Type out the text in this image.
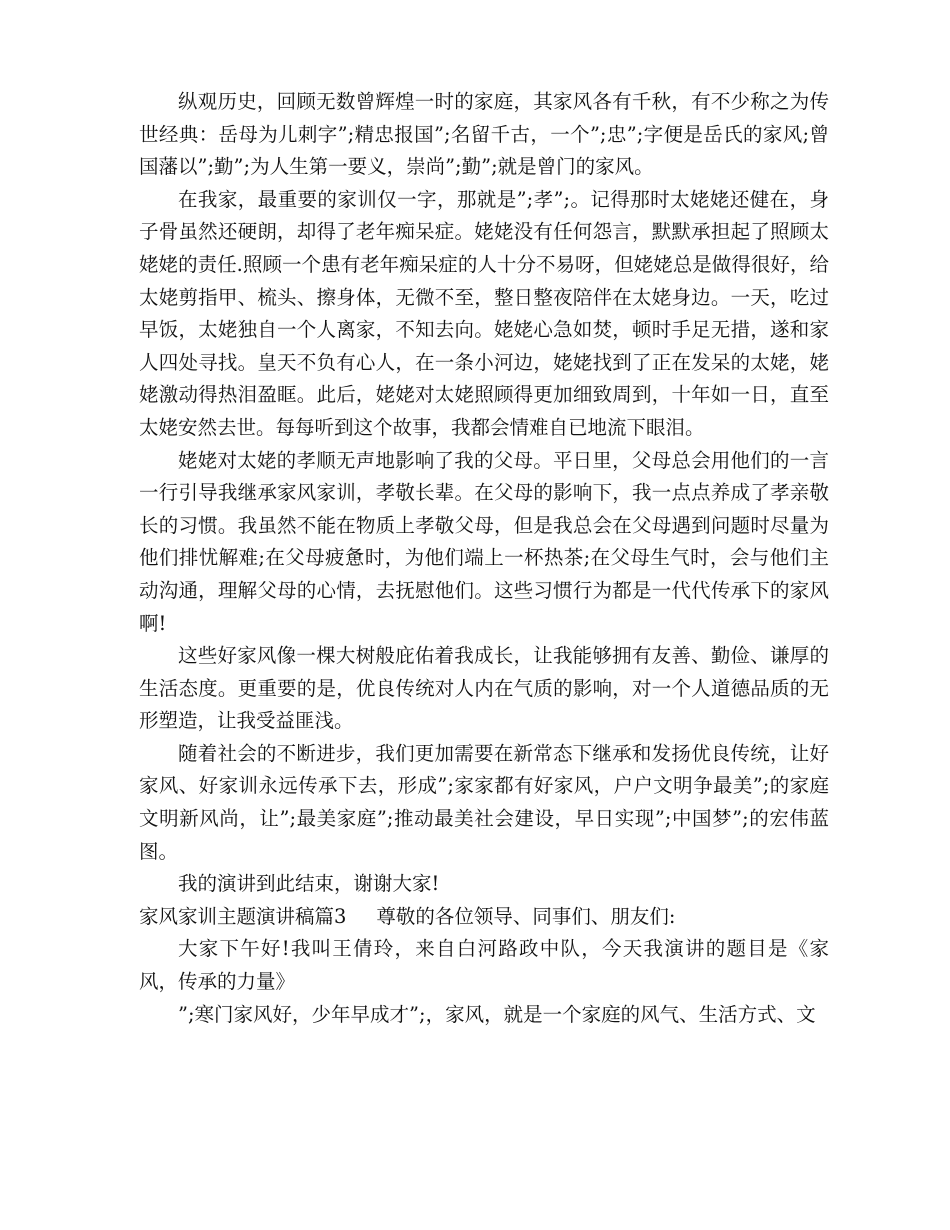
纵观历史，回顾无数曾辉煌一时的家庭，其家风各有千秋，有不少称之为传世经典：岳母为儿刺字”;精忠报国”;名留千古，一个”;忠”;字便是岳氏的家风;曾国藩以”;勤”;为人生第一要义，崇尚”;勤”;就是曾门的家风。

在我家，最重要的家训仅一字，那就是”;孝”;。记得那时太姥姥还健在，身子骨虽然还硬朗，却得了老年痴呆症。姥姥没有任何怨言，默默承担起了照顾太姥姥的责任.照顾一个患有老年痴呆症的人十分不易呀，但姥姥总是做得很好，给太姥剪指甲、梳头、擦身体，无微不至，整日整夜陪伴在太姥身边。一天，吃过早饭，太姥独自一个人离家，不知去向。姥姥心急如焚，顿时手足无措，遂和家人四处寻找。皇天不负有心人，在一条小河边，姥姥找到了正在发呆的太姥，姥姥激动得热泪盈眶。此后，姥姥对太姥照顾得更加细致周到，十年如一日，直至太姥安然去世。每每听到这个故事，我都会情难自已地流下眼泪。

姥姥对太姥的孝顺无声地影响了我的父母。平日里，父母总会用他们的一言一行引导我继承家风家训，孝敬长辈。在父母的影响下，我一点点养成了孝亲敬长的习惯。我虽然不能在物质上孝敬父母，但是我总会在父母遇到问题时尽量为他们排忧解难;在父母疲惫时，为他们端上一杯热茶;在父母生气时，会与他们主动沟通，理解父母的心情，去抚慰他们。这些习惯行为都是一代代传承下的家风啊!

这些好家风像一棵大树般庇佑着我成长，让我能够拥有友善、勤俭、谦厚的生活态度。更重要的是，优良传统对人内在气质的影响，对一个人道德品质的无形塑造，让我受益匪浅。

随着社会的不断进步，我们更加需要在新常态下继承和发扬优良传统，让好家风、好家训永远传承下去，形成”;家家都有好家风，户户文明争最美”;的家庭文明新风尚，让”;最美家庭”;推动最美社会建设，早日实现”;中国梦”;的宏伟蓝图。

我的演讲到此结束，谢谢大家!

家风家训主题演讲稿篇3 尊敬的各位领导、同事们、朋友们:

大家下午好!我叫王倩玲，来自白河路政中队，今天我演讲的题目是《家风，传承的力量》

”;寒门家风好，少年早成才”;，家风，就是一个家庭的风气、生活方式、文
